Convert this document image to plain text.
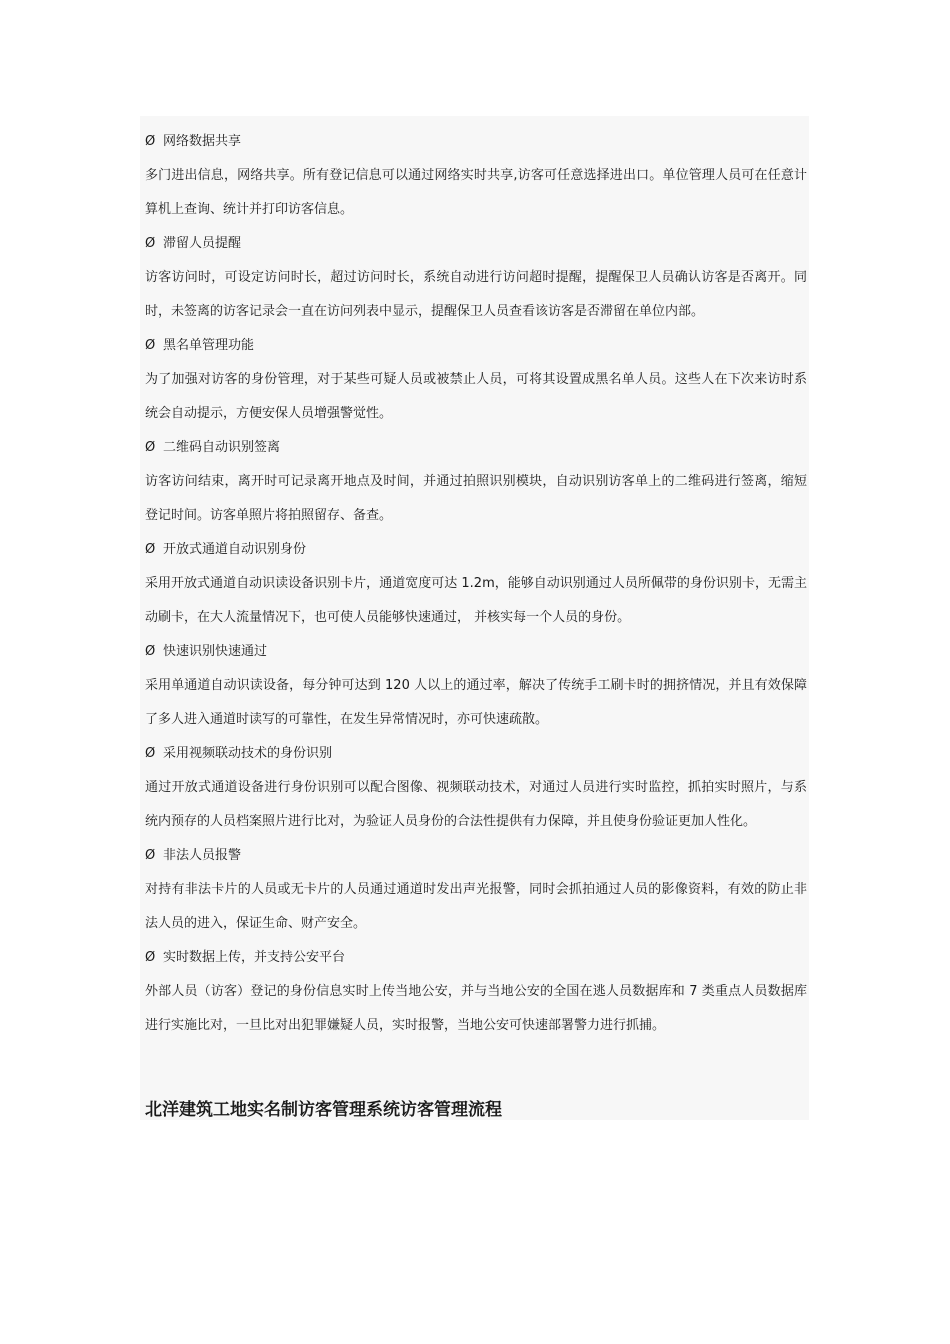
Ø 网络数据共享
多门进出信息，网络共享。所有登记信息可以通过网络实时共享,访客可任意选择进出口。单位管理人员可在任意计算机上查询、统计并打印访客信息。
Ø 滞留人员提醒
访客访问时，可设定访问时长，超过访问时长，系统自动进行访问超时提醒，提醒保卫人员确认访客是否离开。同时，未签离的访客记录会一直在访问列表中显示，提醒保卫人员查看该访客是否滞留在单位内部。
Ø 黑名单管理功能
为了加强对访客的身份管理，对于某些可疑人员或被禁止人员，可将其设置成黑名单人员。这些人在下次来访时系统会自动提示，方便安保人员增强警觉性。
Ø 二维码自动识别签离
访客访问结束，离开时可记录离开地点及时间，并通过拍照识别模块，自动识别访客单上的二维码进行签离，缩短登记时间。访客单照片将拍照留存、备查。
Ø 开放式通道自动识别身份
采用开放式通道自动识读设备识别卡片，通道宽度可达 1.2m，能够自动识别通过人员所佩带的身份识别卡，无需主动刷卡，在大人流量情况下，也可使人员能够快速通过， 并核实每一个人员的身份。
Ø 快速识别快速通过
采用单通道自动识读设备，每分钟可达到 120 人以上的通过率，解决了传统手工刷卡时的拥挤情况，并且有效保障了多人进入通道时读写的可靠性，在发生异常情况时，亦可快速疏散。
Ø 采用视频联动技术的身份识别
通过开放式通道设备进行身份识别可以配合图像、视频联动技术，对通过人员进行实时监控，抓拍实时照片，与系统内预存的人员档案照片进行比对，为验证人员身份的合法性提供有力保障，并且使身份验证更加人性化。
Ø 非法人员报警
对持有非法卡片的人员或无卡片的人员通过通道时发出声光报警，同时会抓拍通过人员的影像资料，有效的防止非法人员的进入，保证生命、财产安全。
Ø 实时数据上传，并支持公安平台
外部人员（访客）登记的身份信息实时上传当地公安，并与当地公安的全国在逃人员数据库和 7 类重点人员数据库进行实施比对，一旦比对出犯罪嫌疑人员，实时报警，当地公安可快速部署警力进行抓捕。
北洋建筑工地实名制访客管理系统访客管理流程
